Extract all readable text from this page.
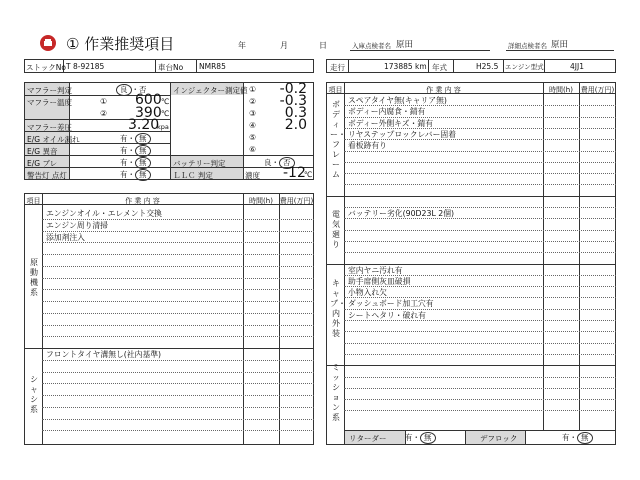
① 作業推奨項目	年	月	日	入庫点検者名 原田	詳細点検者名 原田
ストックNo T 8-92185	車台No NMR85	走行	173885 km 年式	H25.5 エンジン型式	4JJ1
マフラー判定	良 ・否
マフラー温度	① 600 ℃
② 390 ℃
マフラー差圧	3.20
kpa
E/G オイル漏れ	有・ 無
E/G 異音	有・ 無
E/G ブレ	有・ 無
警告灯 点灯	有・ 無
インジェクター測定値 ① -0.2
② -0.3
③ 0.3
④ 2.0
⑤
⑥
バッテリー判定	良・ 否
ＬＬＣ 判定	濃度 -12
℃
項目	作 業 内 容	時間(h) 費用(万円)
エンジンオイル・エレメント交換
エンジン周り清掃
添加剤注入
原動機系
フロントタイヤ溝無し(社内基準)
シャシ系
項目	作 業 内 容	時間(h)	費用(万円)
スペアタイヤ無(キャリア無)
ボディー内腐食・錆有
ボディー外側キズ・錆有
リヤステップロックレバー固着
看板跡有り
ボディー・フレーム
バッテリー劣化(90D23L 2個)
電気廻り
室内ヤニ汚れ有
助手席側灰皿破損
小物入れ欠
ダッシュボード加工穴有
シートヘタリ・破れ有
キャブ・内外装
ミッション系
リターダー 有・ 無	デフロック	有・ 無
